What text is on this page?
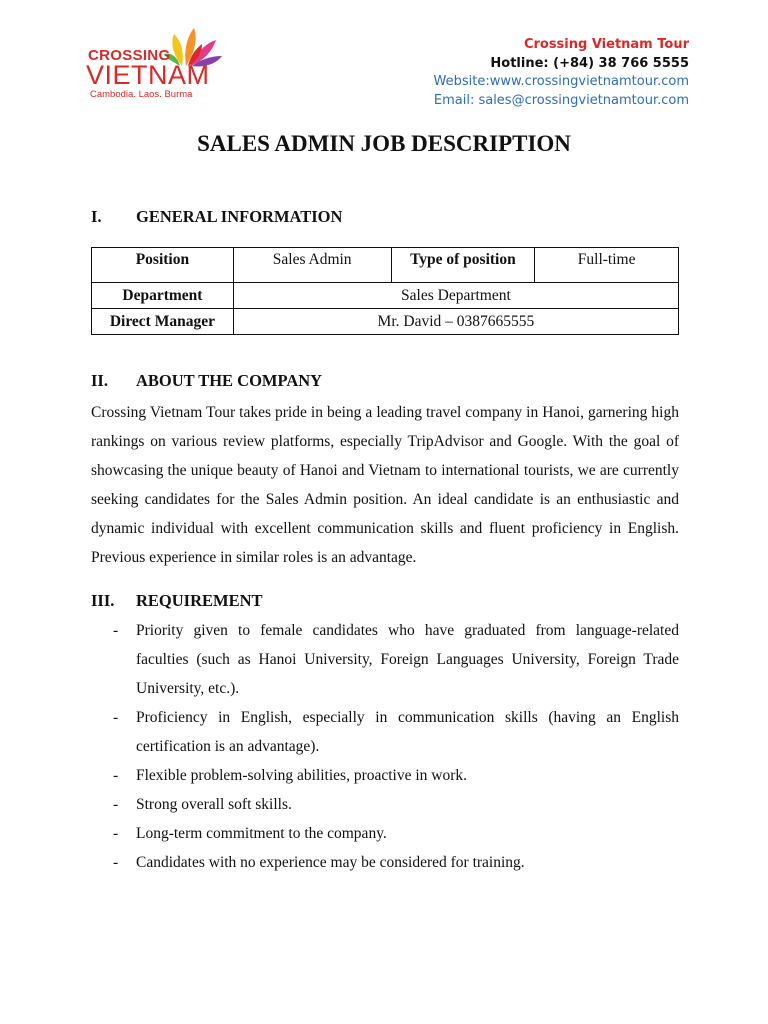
CROSSING
VIETNAM
Cambodia. Laos. Burma
Crossing Vietnam Tour
Hotline: (+84) 38 766 5555
Website:www.crossingvietnamtour.com
Email: sales@crossingvietnamtour.com
SALES ADMIN JOB DESCRIPTION
I. GENERAL INFORMATION
Position	Sales Admin	Type of position	Full-time
Department	Sales Department		
Direct Manager	Mr. David – 0387665555		
II. ABOUT THE COMPANY

Crossing Vietnam Tour takes pride in being a leading travel company in Hanoi, garnering high rankings on various review platforms, especially TripAdvisor and Google. With the goal of showcasing the unique beauty of Hanoi and Vietnam to international tourists, we are currently seeking candidates for the Sales Admin position. An ideal candidate is an enthusiastic and dynamic individual with excellent communication skills and fluent proficiency in English. Previous experience in similar roles is an advantage.

III. REQUIREMENT
- Priority given to female candidates who have graduated from language-related faculties (such as Hanoi University, Foreign Languages University, Foreign Trade University, etc.).
- Proficiency in English, especially in communication skills (having an English certification is an advantage).
- Flexible problem-solving abilities, proactive in work.
- Strong overall soft skills.
- Long-term commitment to the company.
- Candidates with no experience may be considered for training.
